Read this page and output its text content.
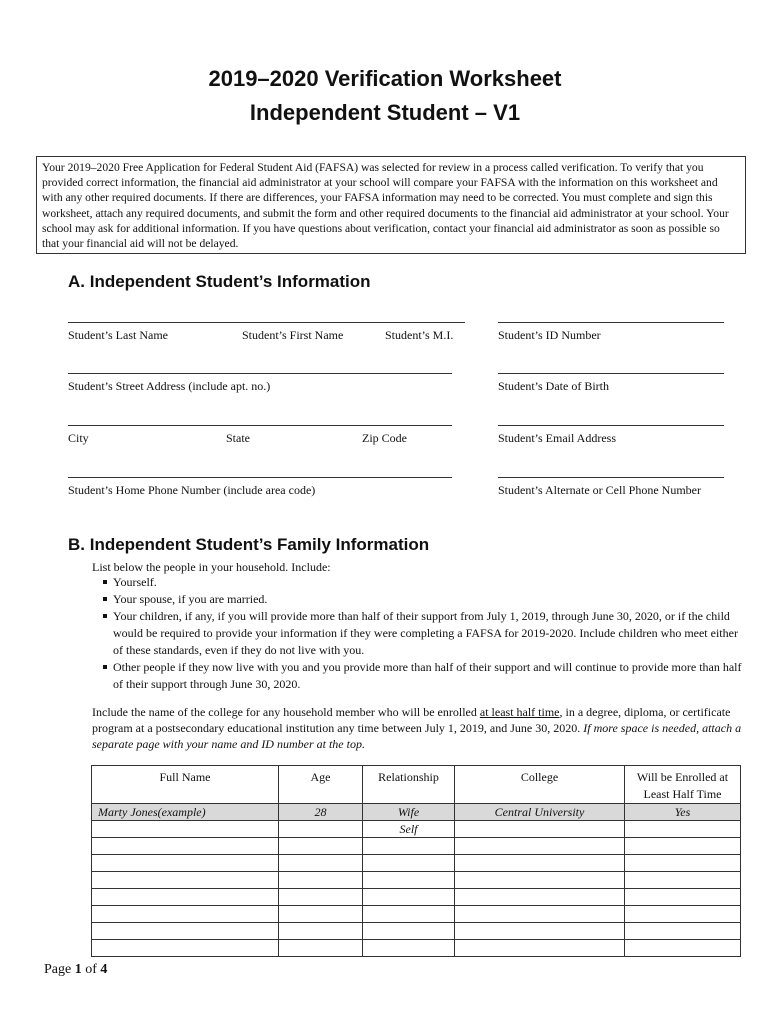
2019–2020 Verification Worksheet
Independent Student – V1
Your 2019–2020 Free Application for Federal Student Aid (FAFSA) was selected for review in a process called verification. To verify that you provided correct information, the financial aid administrator at your school will compare your FAFSA with the information on this worksheet and with any other required documents. If there are differences, your FAFSA information may need to be corrected. You must complete and sign this worksheet, attach any required documents, and submit the form and other required documents to the financial aid administrator at your school. Your school may ask for additional information. If you have questions about verification, contact your financial aid administrator as soon as possible so that your financial aid will not be delayed.
A. Independent Student’s Information
Student’s Last Name	Student’s First Name	Student’s M.I.	Student’s ID Number
Student’s Street Address (include apt. no.)	Student’s Date of Birth
City	State	Zip Code	Student’s Email Address
Student’s Home Phone Number (include area code)	Student’s Alternate or Cell Phone Number
B. Independent Student’s Family Information
List below the people in your household. Include:
Yourself.
Your spouse, if you are married.
Your children, if any, if you will provide more than half of their support from July 1, 2019, through June 30, 2020, or if the child would be required to provide your information if they were completing a FAFSA for 2019-2020. Include children who meet either of these standards, even if they do not live with you.
Other people if they now live with you and you provide more than half of their support and will continue to provide more than half of their support through June 30, 2020.
Include the name of the college for any household member who will be enrolled at least half time, in a degree, diploma, or certificate program at a postsecondary educational institution any time between July 1, 2019, and June 30, 2020. If more space is needed, attach a separate page with your name and ID number at the top.
Full Name	Age	Relationship	College	Will be Enrolled at Least Half Time
Marty Jones(example)	28	Wife	Central University	Yes
		Self		

Page 1 of 4
